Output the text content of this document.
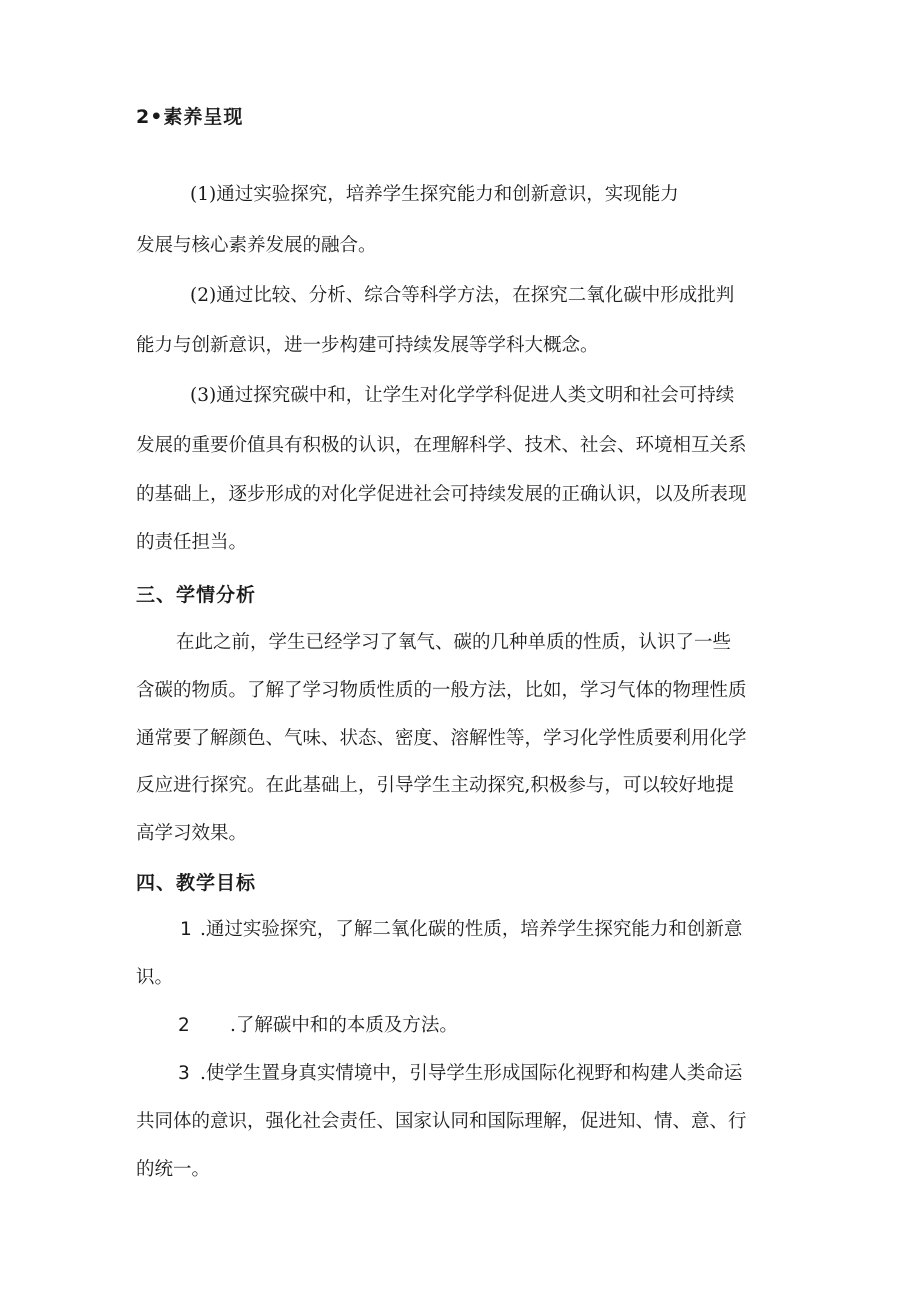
2•素养呈现
(1)通过实验探究，培养学生探究能力和创新意识，实现能力
发展与核心素养发展的融合。
(2)通过比较、分析、综合等科学方法，在探究二氧化碳中形成批判
能力与创新意识，进一步构建可持续发展等学科大概念。
(3)通过探究碳中和，让学生对化学学科促进人类文明和社会可持续
发展的重要价值具有积极的认识，在理解科学、技术、社会、环境相互关系
的基础上，逐步形成的对化学促进社会可持续发展的正确认识，以及所表现
的责任担当。
三、学情分析
在此之前，学生已经学习了氧气、碳的几种单质的性质，认识了一些
含碳的物质。了解了学习物质性质的一般方法，比如，学习气体的物理性质
通常要了解颜色、气味、状态、密度、溶解性等，学习化学性质要利用化学
反应进行探究。在此基础上，引导学生主动探究,积极参与，可以较好地提
高学习效果。
四、教学目标
1 .通过实验探究，了解二氧化碳的性质，培养学生探究能力和创新意
识。
2 .了解碳中和的本质及方法。
3 .使学生置身真实情境中，引导学生形成国际化视野和构建人类命运
共同体的意识，强化社会责任、国家认同和国际理解，促进知、情、意、行
的统一。
